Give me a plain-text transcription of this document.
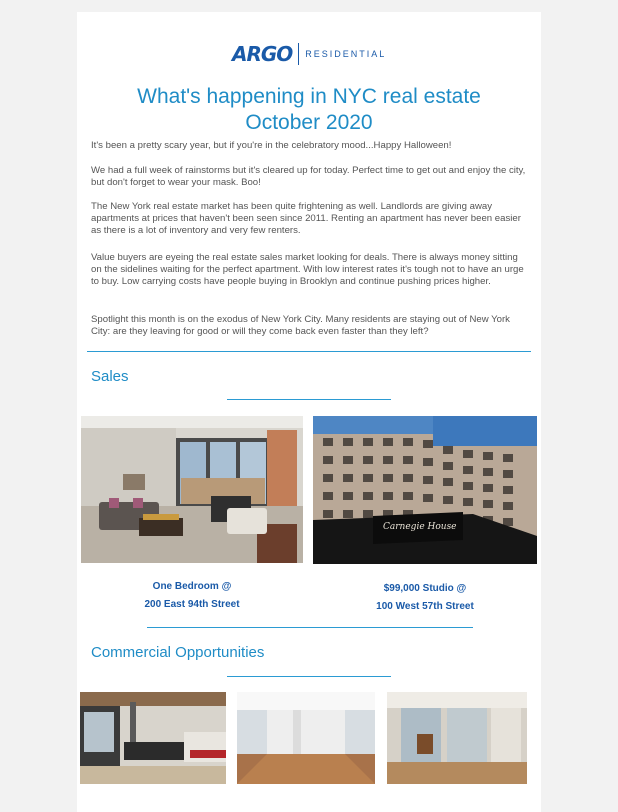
ARGO RESIDENTIAL
What's happening in NYC real estate
October 2020
It's been a pretty scary year, but if you're in the celebratory mood...Happy Halloween!
We had a full week of rainstorms but it's cleared up for today. Perfect time to get out and enjoy the city, but don't forget to wear your mask. Boo!
The New York real estate market has been quite frightening as well. Landlords are giving away apartments at prices that haven't been seen since 2011. Renting an apartment has never been easier as there is a lot of inventory and very few renters.
Value buyers are eyeing the real estate sales market looking for deals. There is always money sitting on the sidelines waiting for the perfect apartment. With low interest rates it's tough not to have an urge to buy. Low carrying costs have people buying in Brooklyn and continue pushing prices higher.
Spotlight this month is on the exodus of New York City. Many residents are staying out of New York City: are they leaving for good or will they come back even faster than they left?
Sales
Carnegie House
One Bedroom @
200 East 94th Street
$99,000 Studio @
100 West 57th Street
Commercial Opportunities
